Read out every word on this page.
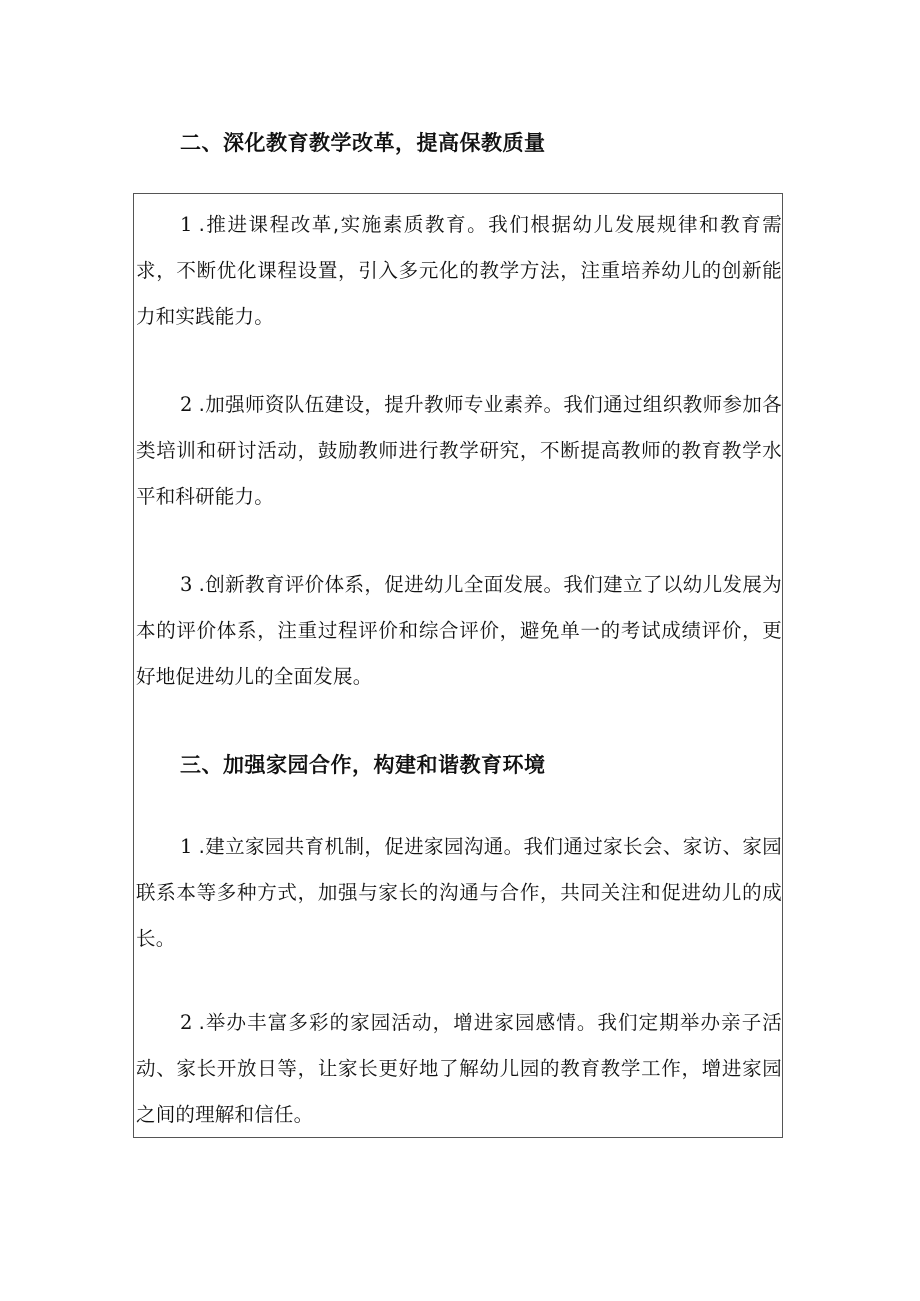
二、深化教育教学改革，提高保教质量

1 .推进课程改革,实施素质教育。我们根据幼儿发展规律和教育需求，不断优化课程设置，引入多元化的教学方法，注重培养幼儿的创新能力和实践能力。

2 .加强师资队伍建设，提升教师专业素养。我们通过组织教师参加各类培训和研讨活动，鼓励教师进行教学研究，不断提高教师的教育教学水平和科研能力。

3 .创新教育评价体系，促进幼儿全面发展。我们建立了以幼儿发展为本的评价体系，注重过程评价和综合评价，避免单一的考试成绩评价，更好地促进幼儿的全面发展。

三、加强家园合作，构建和谐教育环境

1 .建立家园共育机制，促进家园沟通。我们通过家长会、家访、家园联系本等多种方式，加强与家长的沟通与合作，共同关注和促进幼儿的成长。

2 .举办丰富多彩的家园活动，增进家园感情。我们定期举办亲子活动、家长开放日等，让家长更好地了解幼儿园的教育教学工作，增进家园之间的理解和信任。
